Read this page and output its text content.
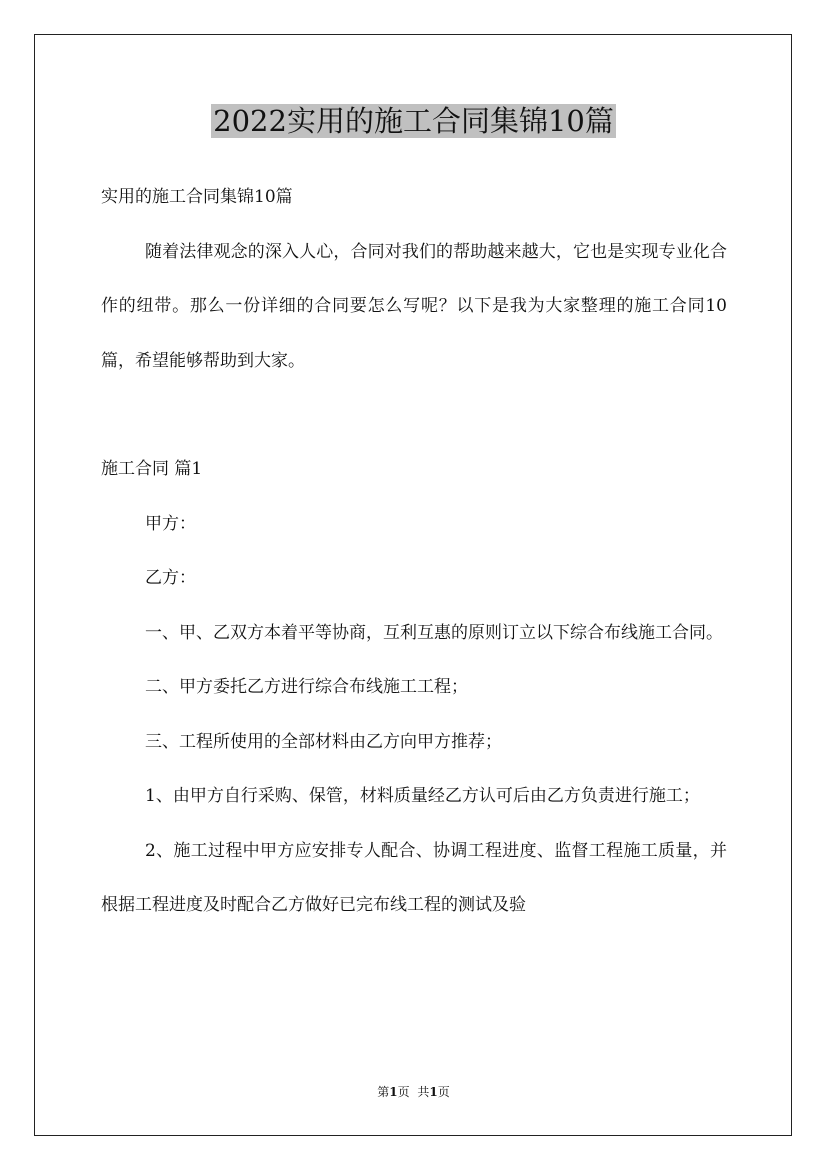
2022实用的施工合同集锦10篇

实用的施工合同集锦10篇

随着法律观念的深入人心，合同对我们的帮助越来越大，它也是实现专业化合作的纽带。那么一份详细的合同要怎么写呢？以下是我为大家整理的施工合同10篇，希望能够帮助到大家。

施工合同 篇1

甲方：

乙方：

一、甲、乙双方本着平等协商，互利互惠的原则订立以下综合布线施工合同。

二、甲方委托乙方进行综合布线施工工程；

三、工程所使用的全部材料由乙方向甲方推荐；

1、由甲方自行采购、保管，材料质量经乙方认可后由乙方负责进行施工；

2、施工过程中甲方应安排专人配合、协调工程进度、监督工程施工质量，并根据工程进度及时配合乙方做好已完布线工程的测试及验

第1页 共1页
